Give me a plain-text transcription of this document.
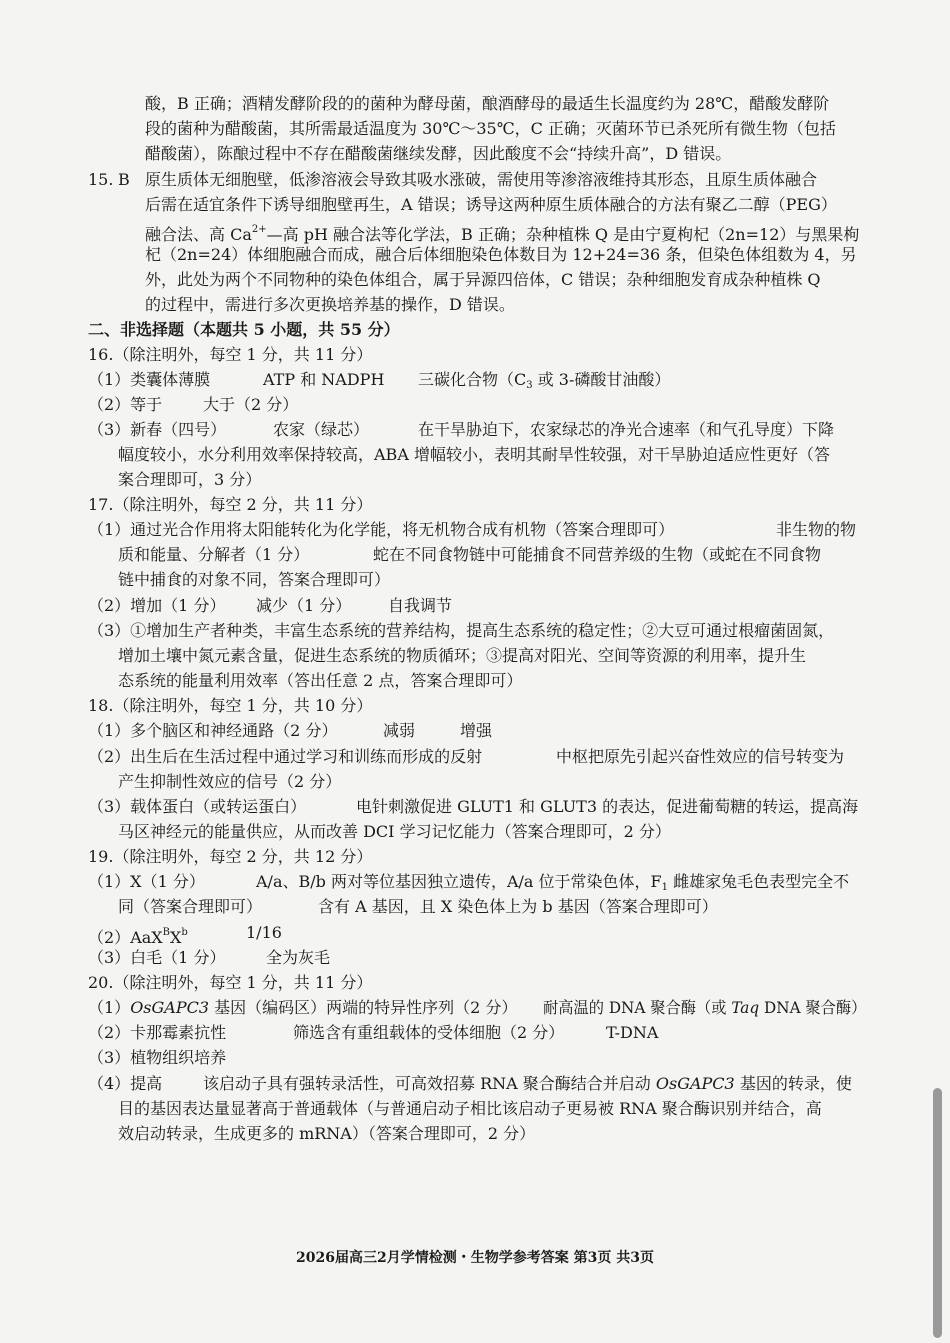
酸，B 正确；酒精发酵阶段的的菌种为酵母菌，酿酒酵母的最适生长温度约为 28℃，醋酸发酵阶
段的菌种为醋酸菌，其所需最适温度为 30℃～35℃，C 正确；灭菌环节已杀死所有微生物（包括
醋酸菌），陈酿过程中不存在醋酸菌继续发酵，因此酸度不会“持续升高”，D 错误。
15. B 原生质体无细胞壁，低渗溶液会导致其吸水涨破，需使用等渗溶液维持其形态，且原生质体融合
后需在适宜条件下诱导细胞壁再生，A 错误；诱导这两种原生质体融合的方法有聚乙二醇（PEG）
融合法、高 $Ca^{2+}—$高 pH 融合法等化学法，B 正确；杂种植株 Q 是由宁夏枸杞（2n=12）与黑果枸
杞（2n=24）体细胞融合而成，融合后体细胞染色体数目为 12+24=36 条，但染色体组数为 4，另
外，此处为两个不同物种的染色体组合，属于异源四倍体，C 错误；杂种细胞发育成杂种植株 Q
的过程中，需进行多次更换培养基的操作，D 错误。
二、非选择题（本题共 5 小题，共 55 分）
16.（除注明外，每空 1 分，共 11 分）
（1）类囊体薄膜	ATP 和 NADPH 三碳化合物（$C_3$ 或 3-磷酸甘油酸）
（2）等于	大于（2 分）
（3）新春（四号）	农家（绿芯）	在干旱胁迫下，农家绿芯的净光合速率（和气孔导度）下降
幅度较小，水分利用效率保持较高，ABA 增幅较小，表明其耐旱性较强，对干旱胁迫适应性更好（答
案合理即可，3 分）
17.（除注明外，每空 2 分，共 11 分）
（1）通过光合作用将太阳能转化为化学能，将无机物合成有机物（答案合理即可）	非生物的物
质和能量、分解者（1 分）	蛇在不同食物链中可能捕食不同营养级的生物（或蛇在不同食物
链中捕食的对象不同，答案合理即可）
（2）增加（1 分） 减少（1 分） 自我调节
（3）①增加生产者种类，丰富生态系统的营养结构，提高生态系统的稳定性；②大豆可通过根瘤菌固氮，
增加土壤中氮元素含量，促进生态系统的物质循环；③提高对阳光、空间等资源的利用率，提升生
态系统的能量利用效率（答出任意 2 点，答案合理即可）
18.（除注明外，每空 1 分，共 10 分）
（1）多个脑区和神经通路（2 分）	减弱	增强
（2）出生后在生活过程中通过学习和训练而形成的反射	中枢把原先引起兴奋性效应的信号转变为
产生抑制性效应的信号（2 分）
（3）载体蛋白（或转运蛋白）	电针刺激促进 GLUT1 和 GLUT3 的表达，促进葡萄糖的转运，提高海
马区神经元的能量供应，从而改善 DCI 学习记忆能力（答案合理即可，2 分）
19.（除注明外，每空 2 分，共 12 分）
（1）X（1 分）	A/a、B/b 两对等位基因独立遗传，A/a 位于常染色体，$F_1$ 雌雄家兔毛色表型完全不
同（答案合理即可）	含有 A 基因，且 X 染色体上为 b 基因（答案合理即可）
$(2)AaX^BX^b$	1/16
（3）白毛（1 分）	全为灰毛
20.（除注明外，每空 1 分，共 11 分）
（1）OsGAPC3 基因（编码区）两端的特异性序列（2 分） 耐高温的 DNA 聚合酶（或 Taq DNA 聚合酶）
（2）卡那霉素抗性	筛选含有重组载体的受体细胞（2 分）	T-DNA
（3）植物组织培养
（4）提高	该启动子具有强转录活性，可高效招募 RNA 聚合酶结合并启动 OsGAPC3 基因的转录，使
目的基因表达量显著高于普通载体（与普通启动子相比该启动子更易被 RNA 聚合酶识别并结合，高
效启动转录，生成更多的 mRNA）（答案合理即可，2 分）
2026届高三2月学情检测・生物学参考答案 第3页 共3页
